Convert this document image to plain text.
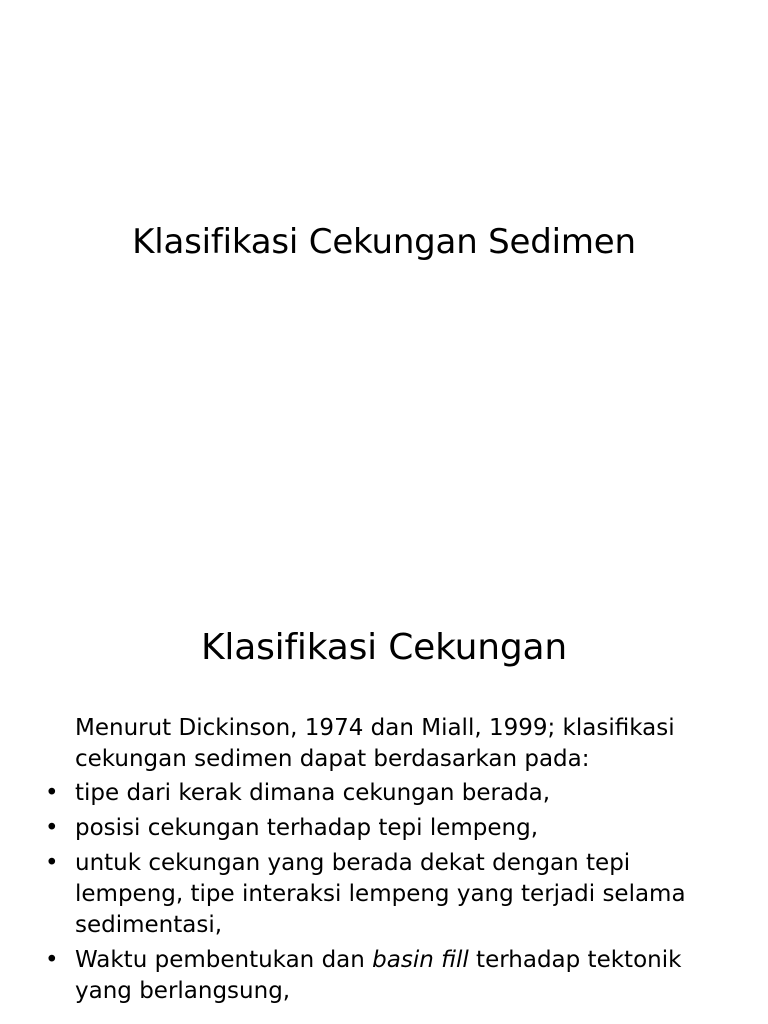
Klasifikasi Cekungan Sedimen
Klasifikasi Cekungan

Menurut Dickinson, 1974 dan Miall, 1999; klasifikasi cekungan sedimen dapat berdasarkan pada:

• tipe dari kerak dimana cekungan berada,
• posisi cekungan terhadap tepi lempeng,
• untuk cekungan yang berada dekat dengan tepi lempeng, tipe interaksi lempeng yang terjadi selama sedimentasi,
• Waktu pembentukan dan basin fill terhadap tektonik yang berlangsung,
